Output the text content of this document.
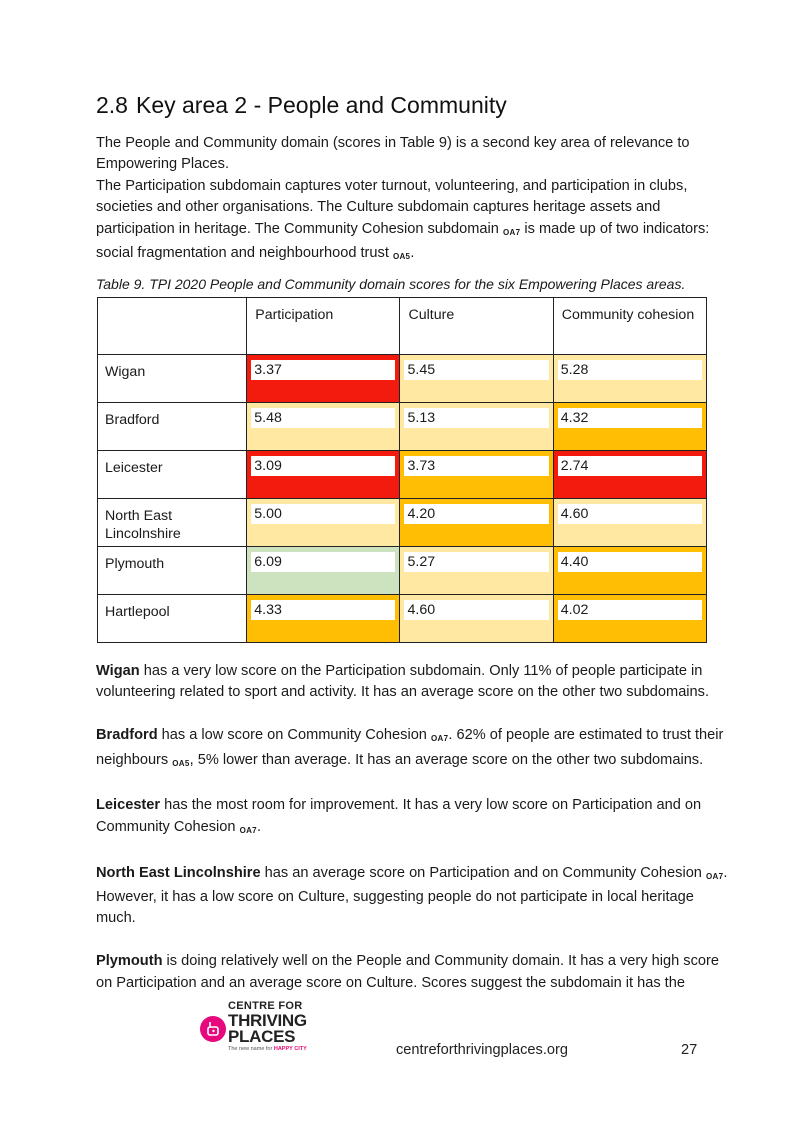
2.8 Key area 2 - People and Community

The People and Community domain (scores in Table 9) is a second key area of relevance to Empowering Places.

The Participation subdomain captures voter turnout, volunteering, and participation in clubs, societies and other organisations. The Culture subdomain captures heritage assets and participation in heritage. The Community Cohesion subdomain $_{OA7}$ is made up of two indicators: social fragmentation and neighbourhood trust $_{OA5}$.

Table 9. TPI 2020 People and Community domain scores for the six Empowering Places areas.

	Participation	Culture	Community cohesion

Wigan	3.37	5.45	5.28

Bradford	5.48	5.13	4.32

Leicester	3.09	3.73	2.74

North East Lincolnshire	5.00	4.20	4.60

Plymouth	6.09	5.27	4.40

Hartlepool	4.33	4.60	4.02

Wigan has a very low score on the Participation subdomain. Only 11% of people participate in volunteering related to sport and activity. It has an average score on the other two subdomains.

Bradford has a low score on Community Cohesion $_{OA7}$. 62% of people are estimated to trust their neighbours $_{OA5}$, 5% lower than average. It has an average score on the other two subdomains.

Leicester has the most room for improvement. It has a very low score on Participation and on Community Cohesion $_{OA7}$.

North East Lincolnshire has an average score on Participation and on Community Cohesion $_{OA7}$. However, it has a low score on Culture, suggesting people do not participate in local heritage much.

Plymouth is doing relatively well on the People and Community domain. It has a very high score on Participation and an average score on Culture. Scores suggest the subdomain it has the

CENTRE FOR
THRIVING
PLACES
The new name for HAPPY CITY	centreforthrivingplaces.org	27
